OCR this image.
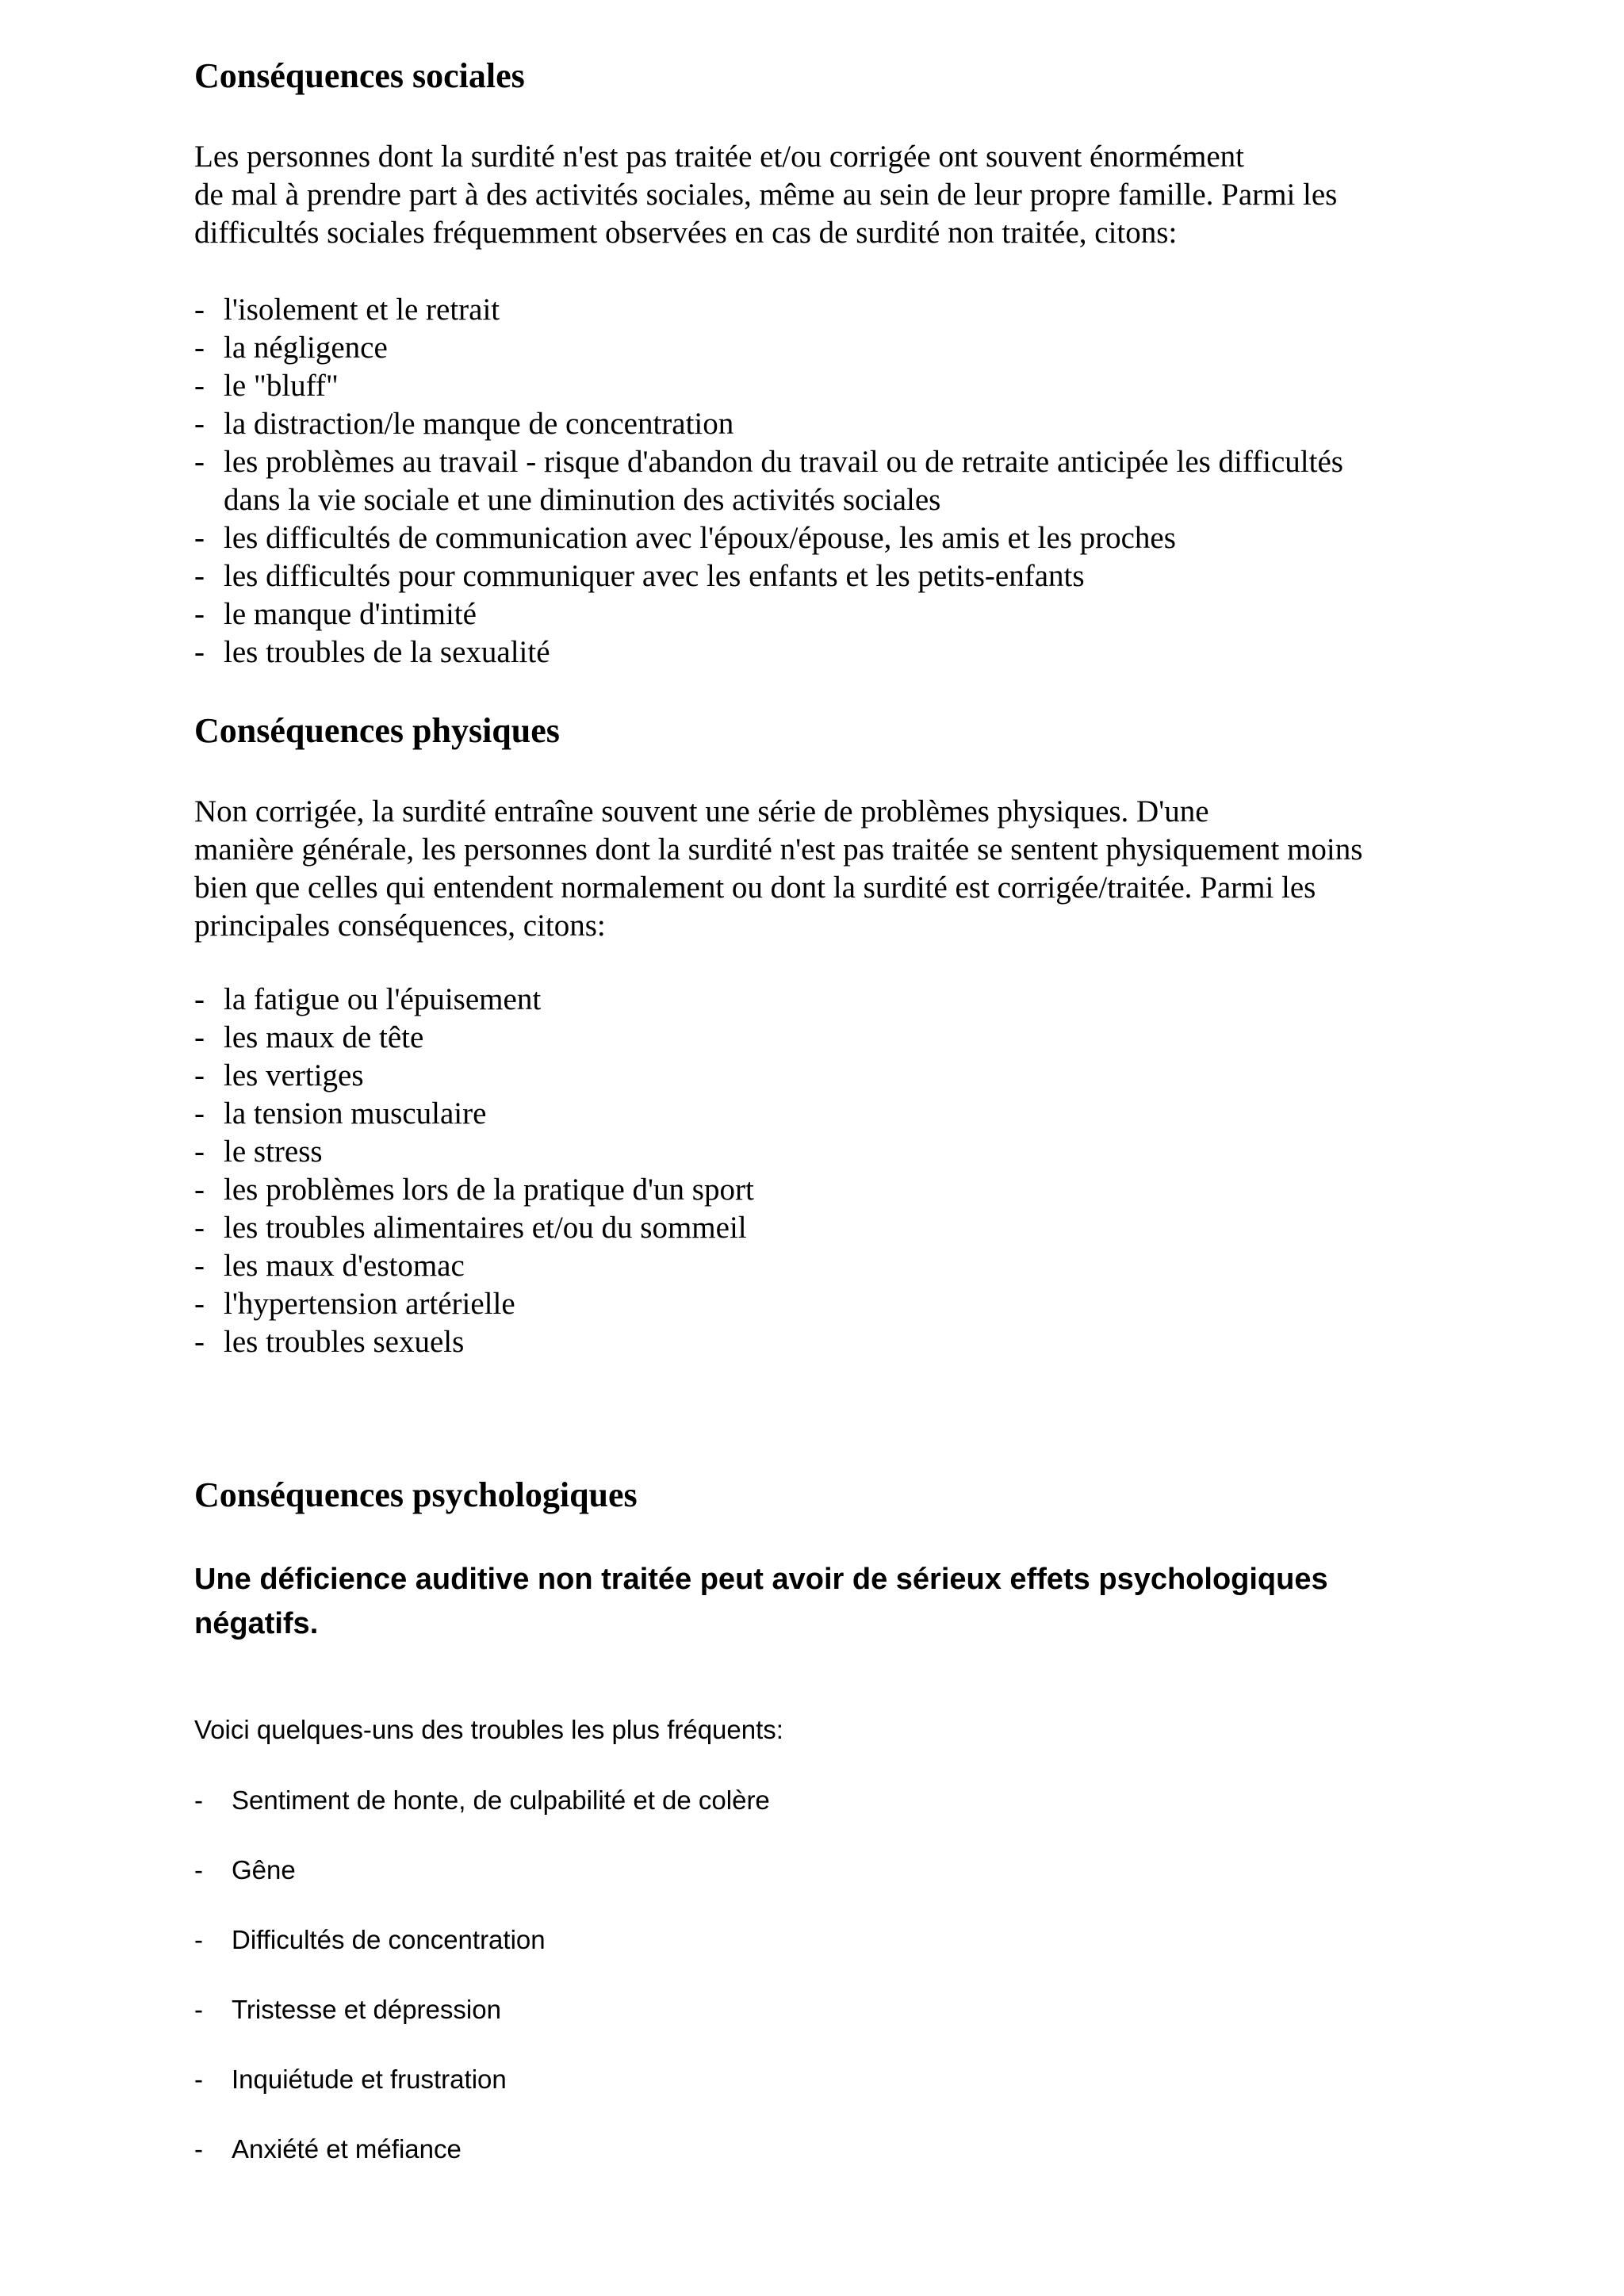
Conséquences sociales

Les personnes dont la surdité n'est pas traitée et/ou corrigée ont souvent énormément
de mal à prendre part à des activités sociales, même au sein de leur propre famille. Parmi les
difficultés sociales fréquemment observées en cas de surdité non traitée, citons:

- l'isolement et le retrait
- la négligence
- le "bluff"
- la distraction/le manque de concentration
- les problèmes au travail - risque d'abandon du travail ou de retraite anticipée les difficultés
dans la vie sociale et une diminution des activités sociales
- les difficultés de communication avec l'époux/épouse, les amis et les proches
- les difficultés pour communiquer avec les enfants et les petits-enfants
- le manque d'intimité
- les troubles de la sexualité
Conséquences physiques

Non corrigée, la surdité entraîne souvent une série de problèmes physiques. D'une
manière générale, les personnes dont la surdité n'est pas traitée se sentent physiquement moins
bien que celles qui entendent normalement ou dont la surdité est corrigée/traitée. Parmi les
principales conséquences, citons:

- la fatigue ou l'épuisement
- les maux de tête
- les vertiges
- la tension musculaire
- le stress
- les problèmes lors de la pratique d'un sport
- les troubles alimentaires et/ou du sommeil
- les maux d'estomac
- l'hypertension artérielle
- les troubles sexuels
Conséquences psychologiques

Une déficience auditive non traitée peut avoir de sérieux effets psychologiques
négatifs.

Voici quelques-uns des troubles les plus fréquents:

- Sentiment de honte, de culpabilité et de colère
- Gêne
- Difficultés de concentration
- Tristesse et dépression
- Inquiétude et frustration
- Anxiété et méfiance
